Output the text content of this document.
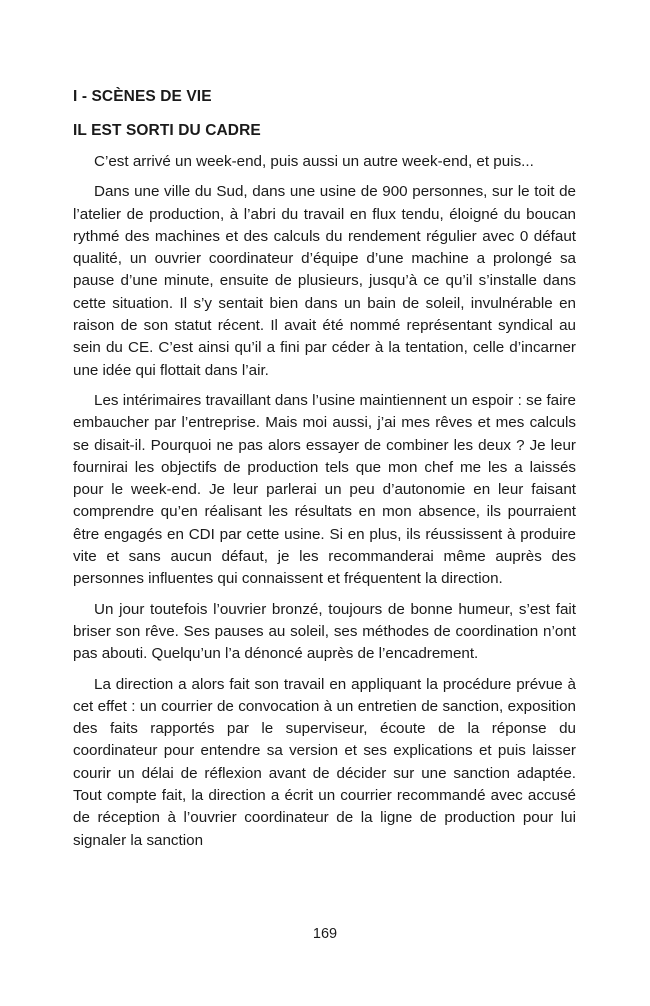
I - SCÈNES DE VIE
IL EST SORTI DU CADRE

C’est arrivé un week-end, puis aussi un autre week-end, et puis...

Dans une ville du Sud, dans une usine de 900 personnes, sur le toit de l’atelier de production, à l’abri du travail en flux tendu, éloigné du boucan rythmé des machines et des calculs du rendement régulier avec 0 défaut qualité, un ouvrier coordinateur d’équipe d’une machine a prolongé sa pause d’une minute, ensuite de plusieurs, jusqu’à ce qu’il s’installe dans cette situation. Il s’y sentait bien dans un bain de soleil, invulnérable en raison de son statut récent. Il avait été nommé représentant syndical au sein du CE. C’est ainsi qu’il a fini par céder à la tentation, celle d’incarner une idée qui flottait dans l’air.

Les intérimaires travaillant dans l’usine maintiennent un espoir : se faire embaucher par l’entreprise. Mais moi aussi, j’ai mes rêves et mes calculs se disait-il. Pourquoi ne pas alors essayer de combiner les deux ? Je leur fournirai les objectifs de production tels que mon chef me les a laissés pour le week-end. Je leur parlerai un peu d’autonomie en leur faisant comprendre qu’en réalisant les résultats en mon absence, ils pourraient être engagés en CDI par cette usine. Si en plus, ils réussissent à produire vite et sans aucun défaut, je les recommanderai même auprès des personnes influentes qui connaissent et fréquentent la direction.

Un jour toutefois l’ouvrier bronzé, toujours de bonne humeur, s’est fait briser son rêve. Ses pauses au soleil, ses méthodes de coordination n’ont pas abouti. Quelqu’un l’a dénoncé auprès de l’encadrement.

La direction a alors fait son travail en appliquant la procédure prévue à cet effet : un courrier de convocation à un entretien de sanction, exposition des faits rapportés par le superviseur, écoute de la réponse du coordinateur pour entendre sa version et ses explications et puis laisser courir un délai de réflexion avant de décider sur une sanction adaptée. Tout compte fait, la direction a écrit un courrier recommandé avec accusé de réception à l’ouvrier coordinateur de la ligne de production pour lui signaler la sanction

169
